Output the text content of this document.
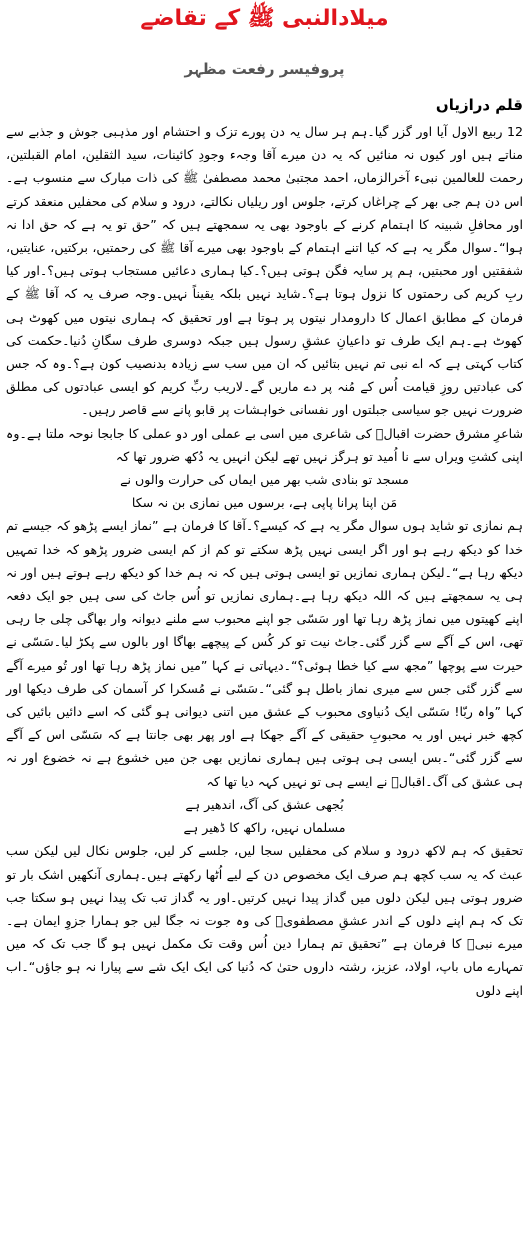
میلادالنبی ﷺ کے تقاضے
پروفیسر رفعت مظہر
قلم درازیاں

12 ربیع الاول آیا اور گزر گیا۔ہم ہر سال یہ دن پورے تزک و احتشام اور مذہبی جوش و جذبے سے مناتے ہیں اور کیوں نہ منائیں کہ یہ دن میرے آقا وجہء وجودِ کائینات، سید الثقلین، امام القبلتین، رحمت للعالمین نبیء آخرالزماں، احمد مجتبیٰ محمد مصطفیٰ ﷺ کی ذات مبارک سے منسوب ہے۔اس دن ہم جی بھر کے چراغاں کرتے، جلوس اور ریلیاں نکالتے، درود و سلام کی محفلیں منعقد کرتے اور محافلِ شبینہ کا اہتمام کرنے کے باوجود بھی یہ سمجھتے ہیں کہ ”حق تو یہ ہے کہ حق ادا نہ ہوا“۔سوال مگر یہ ہے کہ کیا اتنے اہتمام کے باوجود بھی میرے آقا ﷺ کی رحمتیں، برکتیں، عنایتیں، شفقتیں اور محبتیں، ہم پر سایہ فگن ہوتی ہیں؟۔کیا ہماری دعائیں مستجاب ہوتی ہیں؟۔اور کیا ربِ کریم کی رحمتوں کا نزول ہوتا ہے؟۔شاید نہیں بلکہ یقیناً نہیں۔وجہ صرف یہ کہ آقا ﷺ کے فرمان کے مطابق اعمال کا دارومدار نیتوں پر ہوتا ہے اور تحقیق کہ ہماری نیتوں میں کھوٹ ہی کھوٹ ہے۔ہم ایک طرف تو داعیانِ عشقِ رسول ہیں جبکہ دوسری طرف سگانِ دُنیا۔حکمت کی کتاب کہتی ہے کہ اے نبی تم نہیں بتائیں کہ ان میں سب سے زیادہ بدنصیب کون ہے؟۔وہ کہ جس کی عبادتیں روزِ قیامت اُس کے مُنہ پر دے ماریں گے۔لاریب ربِّ کریم کو ایسی عبادتوں کی مطلق ضرورت نہیں جو سیاسی جبلتوں اور نفسانی خواہشات پر قابو پانے سے قاصر رہیں۔

شاعرِ مشرق حضرت اقبالؒ کی شاعری میں اسی بے عملی اور دو عملی کا جابجا نوحہ ملتا ہے۔وہ اپنی کشتِ ویراں سے نا اُمید تو ہرگز نہیں تھے لیکن انہیں یہ دُکھ ضرور تھا کہ

مسجد تو بنادی شب بھر میں ایماں کی حرارت والوں نے

مَن اپنا پرانا پاپی ہے، برسوں میں نمازی بن نہ سکا

ہم نمازی تو شاید ہوں سوال مگر یہ ہے کہ کیسے؟۔آقا کا فرمان ہے ”نماز ایسے پڑھو کہ جیسے تم خدا کو دیکھ رہے ہو اور اگر ایسی نہیں پڑھ سکتے تو کم از کم ایسی ضرور پڑھو کہ خدا تمہیں دیکھ رہا ہے“۔لیکن ہماری نمازیں تو ایسی ہوتی ہیں کہ نہ ہم خدا کو دیکھ رہے ہوتے ہیں اور نہ ہی یہ سمجھتے ہیں کہ اللہ دیکھ رہا ہے۔ہماری نمازیں تو اُس جاٹ کی سی ہیں جو ایک دفعہ اپنے کھیتوں میں نماز پڑھ رہا تھا اور سَسّی جو اپنے محبوب سے ملنے دیوانہ وار بھاگی چلی جا رہی تھی، اس کے آگے سے گزر گئی۔جاٹ نیت تو کر کُس کے پیچھے بھاگا اور بالوں سے پکڑ لیا۔سَسّی نے حیرت سے پوچھا ”مجھ سے کیا خطا ہوئی؟“۔دیہاتی نے کہا ”میں نماز پڑھ رہا تھا اور تُو میرے آگے سے گزر گئی جس سے میری نماز باطل ہو گئی“۔سَسّی نے مُسکرا کر آسمان کی طرف دیکھا اور کہا ”واہ ربّا! سَسّی ایک دُنیاوی محبوب کے عشق میں اتنی دیوانی ہو گئی کہ اسے دائیں بائیں کی کچھ خبر نہیں اور یہ محبوبِ حقیقی کے آگے جھکا ہے اور پھر بھی جانتا ہے کہ سَسّی اس کے آگے سے گزر گئی“۔بس ایسی ہی ہوتی ہیں ہماری نمازیں بھی جن میں خشوع ہے نہ خضوع اور نہ ہی عشق کی آگ۔اقبالؒ نے ایسے ہی تو نہیں کہہ دیا تھا کہ

بُجھی عشق کی آگ، اندھیر ہے

مسلماں نہیں، راکھ کا ڈھیر ہے

تحقیق کہ ہم لاکھ درود و سلام کی محفلیں سجا لیں، جلسے کر لیں، جلوس نکال لیں لیکن سب عبث کہ یہ سب کچھ ہم صرف ایک مخصوص دن کے لیے اُٹھا رکھتے ہیں۔ہماری آنکھیں اشک بار تو ضرور ہوتی ہیں لیکن دلوں میں گداز پیدا نہیں کرتیں۔اور یہ گداز تب تک پیدا نہیں ہو سکتا جب تک کہ ہم اپنے دلوں کے اندر عشقِ مصطفویﷺ کی وہ جوت نہ جگا لیں جو ہمارا جزوِ ایمان ہے۔میرے نبیؐ کا فرمان ہے ”تحقیق تم ہمارا دین اُس وقت تک مکمل نہیں ہو گا جب تک کہ میں تمہارے ماں باپ، اولاد، عزیز، رشتہ داروں حتیٰ کہ دُنیا کی ایک ایک شے سے پیارا نہ ہو جاؤں“۔اب اپنے دلوں
